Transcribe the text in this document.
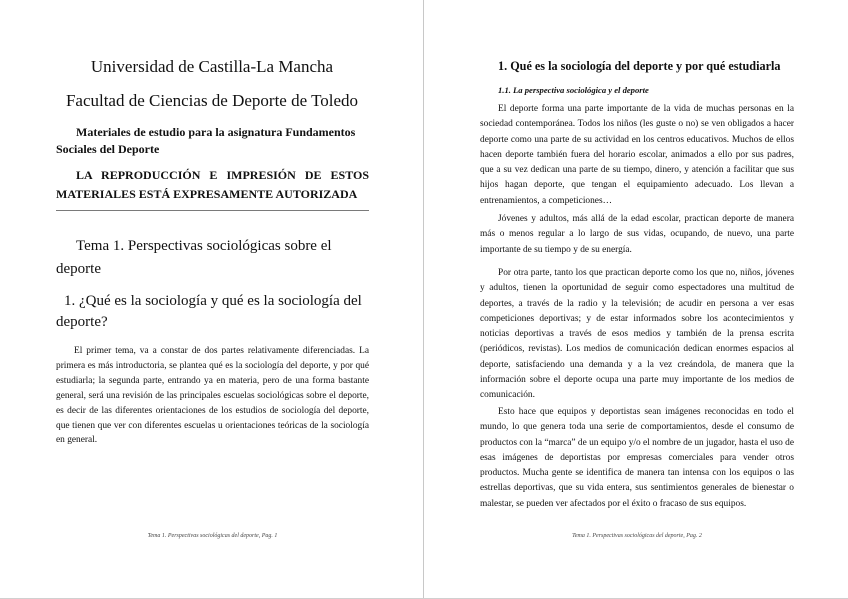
Universidad de Castilla-La Mancha
Facultad de Ciencias de Deporte de Toledo
Materiales de estudio para la asignatura Fundamentos Sociales del Deporte
LA REPRODUCCIÓN E IMPRESIÓN DE ESTOS MATERIALES ESTÁ EXPRESAMENTE AUTORIZADA
Tema 1. Perspectivas sociológicas sobre el deporte
1. ¿Qué es la sociología y qué es la sociología del deporte?

El primer tema, va a constar de dos partes relativamente diferenciadas. La primera es más introductoria, se plantea qué es la sociología del deporte, y por qué estudiarla; la segunda parte, entrando ya en materia, pero de una forma bastante general, será una revisión de las principales escuelas sociológicas sobre el deporte, es decir de las diferentes orientaciones de los estudios de sociología del deporte, que tienen que ver con diferentes escuelas u orientaciones teóricas de la sociología en general.

Tema 1. Perspectivas sociológicas del deporte, Pag. 1
1. Qué es la sociología del deporte y por qué estudiarla
1.1. La perspectiva sociológica y el deporte

El deporte forma una parte importante de la vida de muchas personas en la sociedad contemporánea. Todos los niños (les guste o no) se ven obligados a hacer deporte como una parte de su actividad en los centros educativos. Muchos de ellos hacen deporte también fuera del horario escolar, animados a ello por sus padres, que a su vez dedican una parte de su tiempo, dinero, y atención a facilitar que sus hijos hagan deporte, que tengan el equipamiento adecuado. Los llevan a entrenamientos, a competiciones…

Jóvenes y adultos, más allá de la edad escolar, practican deporte de manera más o menos regular a lo largo de sus vidas, ocupando, de nuevo, una parte importante de su tiempo y de su energía.

Por otra parte, tanto los que practican deporte como los que no, niños, jóvenes y adultos, tienen la oportunidad de seguir como espectadores una multitud de deportes, a través de la radio y la televisión; de acudir en persona a ver esas competiciones deportivas; y de estar informados sobre los acontecimientos y noticias deportivas a través de esos medios y también de la prensa escrita (periódicos, revistas). Los medios de comunicación dedican enormes espacios al deporte, satisfaciendo una demanda y a la vez creándola, de manera que la información sobre el deporte ocupa una parte muy importante de los medios de comunicación.

Esto hace que equipos y deportistas sean imágenes reconocidas en todo el mundo, lo que genera toda una serie de comportamientos, desde el consumo de productos con la “marca” de un equipo y/o el nombre de un jugador, hasta el uso de esas imágenes de deportistas por empresas comerciales para vender otros productos. Mucha gente se identifica de manera tan intensa con los equipos o las estrellas deportivas, que su vida entera, sus sentimientos generales de bienestar o malestar, se pueden ver afectados por el éxito o fracaso de sus equipos.

Tema 1. Perspectivas sociológicas del deporte, Pag. 2
